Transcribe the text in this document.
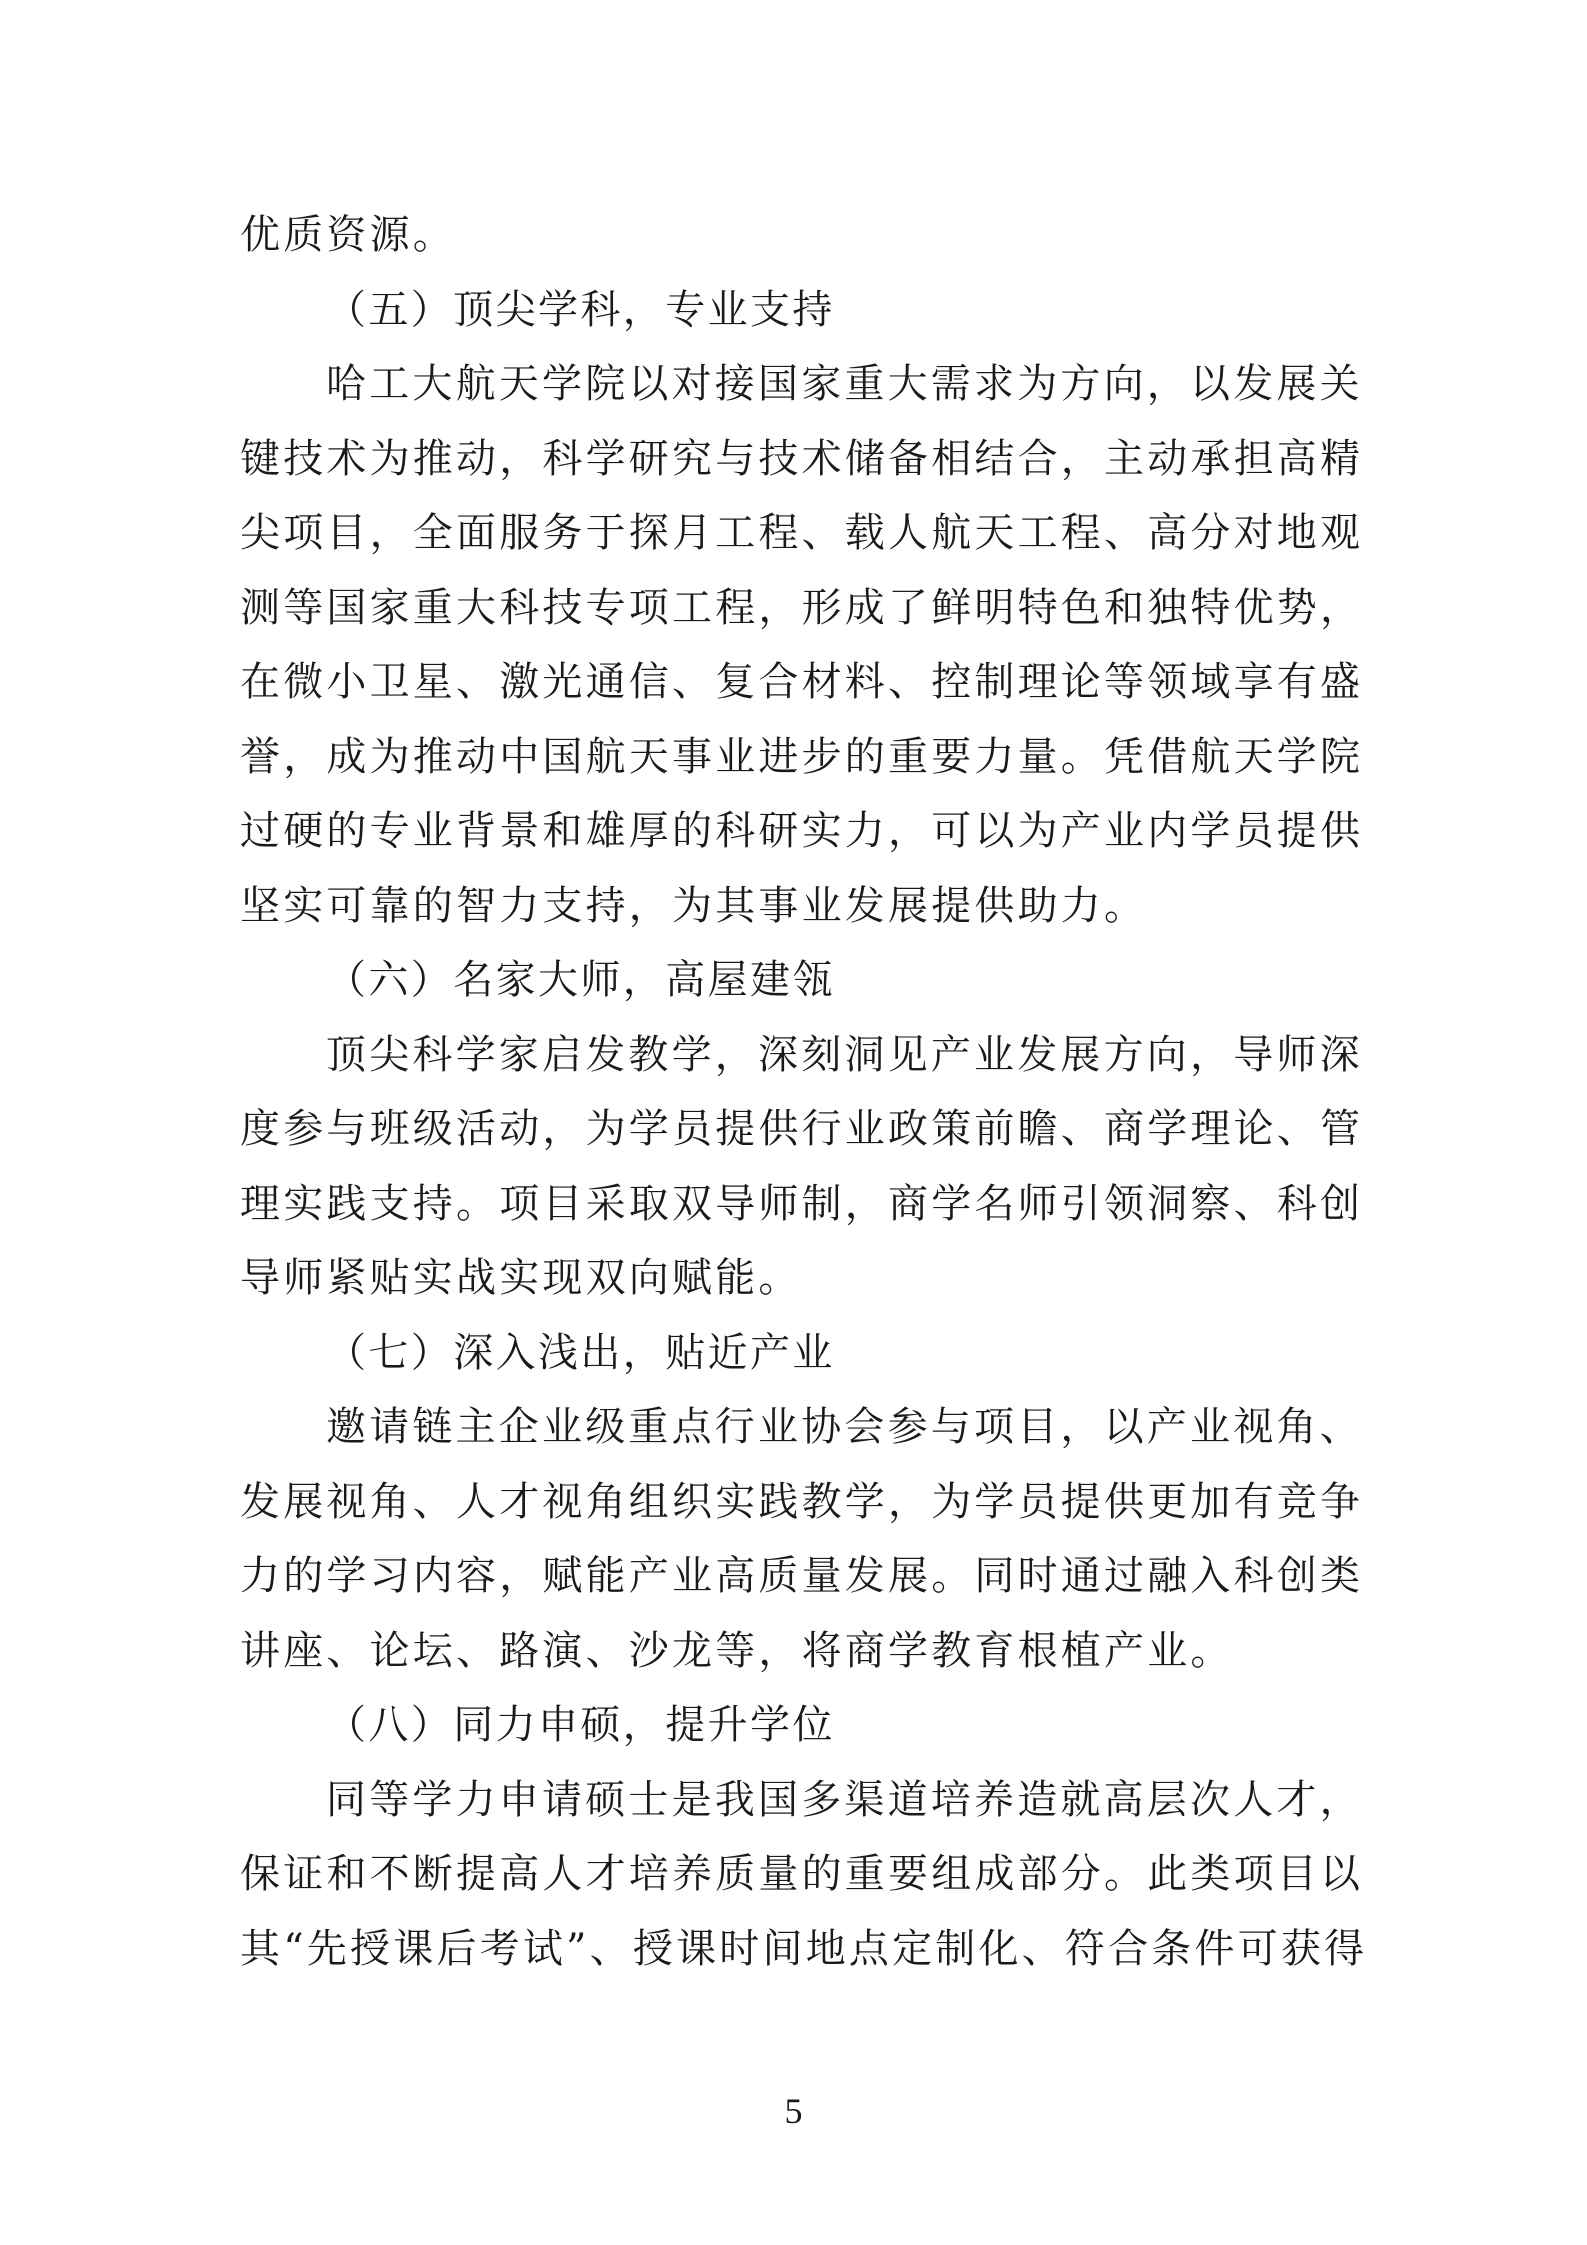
优质资源。
（五）顶尖学科，专业支持
哈工大航天学院以对接国家重大需求为方向，以发展关
键技术为推动，科学研究与技术储备相结合，主动承担高精
尖项目，全面服务于探月工程、载人航天工程、高分对地观
测等国家重大科技专项工程，形成了鲜明特色和独特优势，
在微小卫星、激光通信、复合材料、控制理论等领域享有盛
誉，成为推动中国航天事业进步的重要力量。凭借航天学院
过硬的专业背景和雄厚的科研实力，可以为产业内学员提供
坚实可靠的智力支持，为其事业发展提供助力。
（六）名家大师，高屋建瓴
顶尖科学家启发教学，深刻洞见产业发展方向，导师深
度参与班级活动，为学员提供行业政策前瞻、商学理论、管
理实践支持。项目采取双导师制，商学名师引领洞察、科创
导师紧贴实战实现双向赋能。
（七）深入浅出，贴近产业
邀请链主企业级重点行业协会参与项目，以产业视角、
发展视角、人才视角组织实践教学，为学员提供更加有竞争
力的学习内容，赋能产业高质量发展。同时通过融入科创类
讲座、论坛、路演、沙龙等，将商学教育根植产业。
（八）同力申硕，提升学位
同等学力申请硕士是我国多渠道培养造就高层次人才，
保证和不断提高人才培养质量的重要组成部分。此类项目以
其“先授课后考试”、授课时间地点定制化、符合条件可获得
5
